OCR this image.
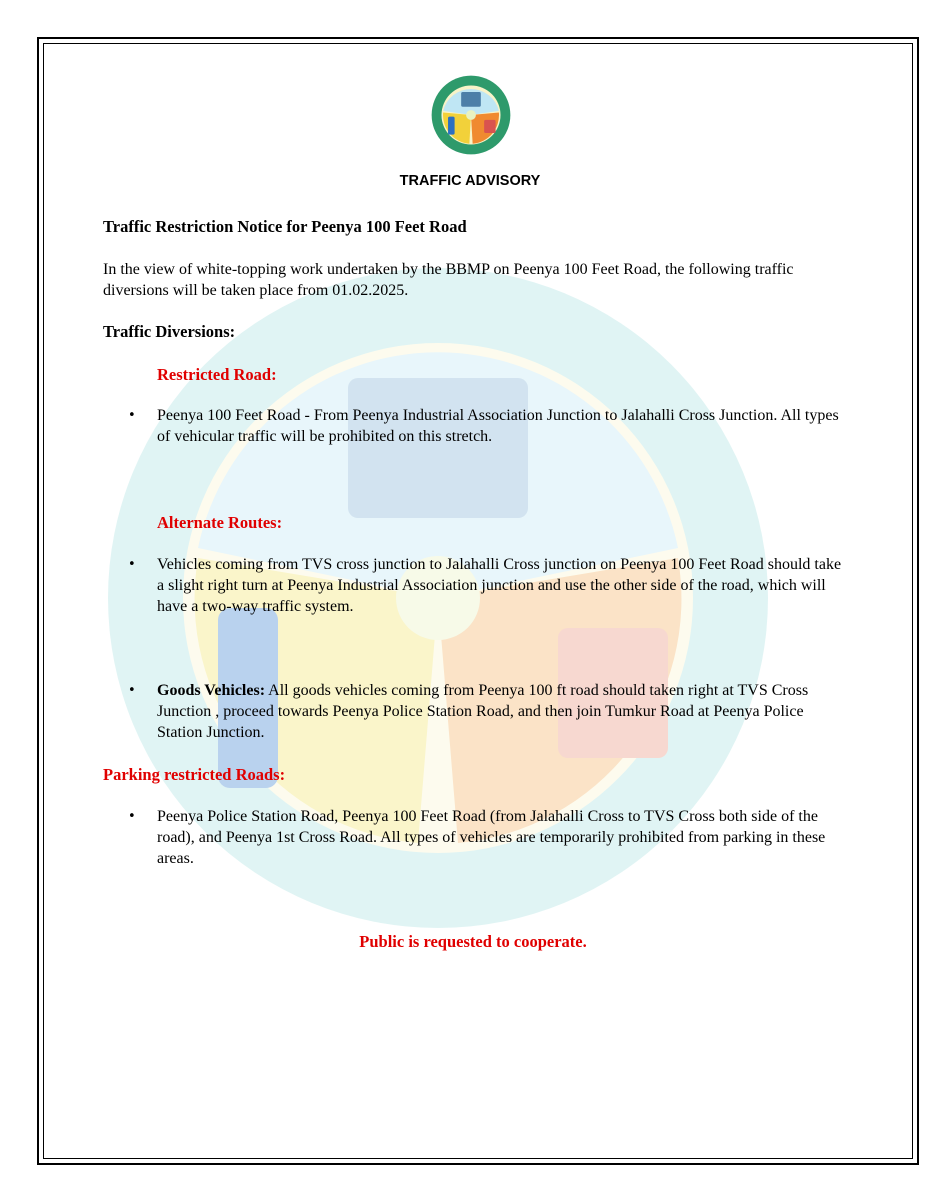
TRAFFIC ADVISORY
Traffic Restriction Notice for Peenya 100 Feet Road
In the view of white-topping work undertaken by the BBMP on Peenya 100 Feet Road, the following traffic diversions will be taken place from 01.02.2025.
Traffic Diversions:
Restricted Road:
• Peenya 100 Feet Road - From Peenya Industrial Association Junction to Jalahalli Cross Junction. All types of vehicular traffic will be prohibited on this stretch.
Alternate Routes:
• Vehicles coming from TVS cross junction to Jalahalli Cross junction on Peenya 100 Feet Road should take a slight right turn at Peenya Industrial Association junction and use the other side of the road, which will have a two-way traffic system.
• Goods Vehicles: All goods vehicles coming from Peenya 100 ft road should taken right at TVS Cross Junction , proceed towards Peenya Police Station Road, and then join Tumkur Road at Peenya Police Station Junction.
Parking restricted Roads:
• Peenya Police Station Road, Peenya 100 Feet Road (from Jalahalli Cross to TVS Cross both side of the road), and Peenya 1st Cross Road. All types of vehicles are temporarily prohibited from parking in these areas.
Public is requested to cooperate.
